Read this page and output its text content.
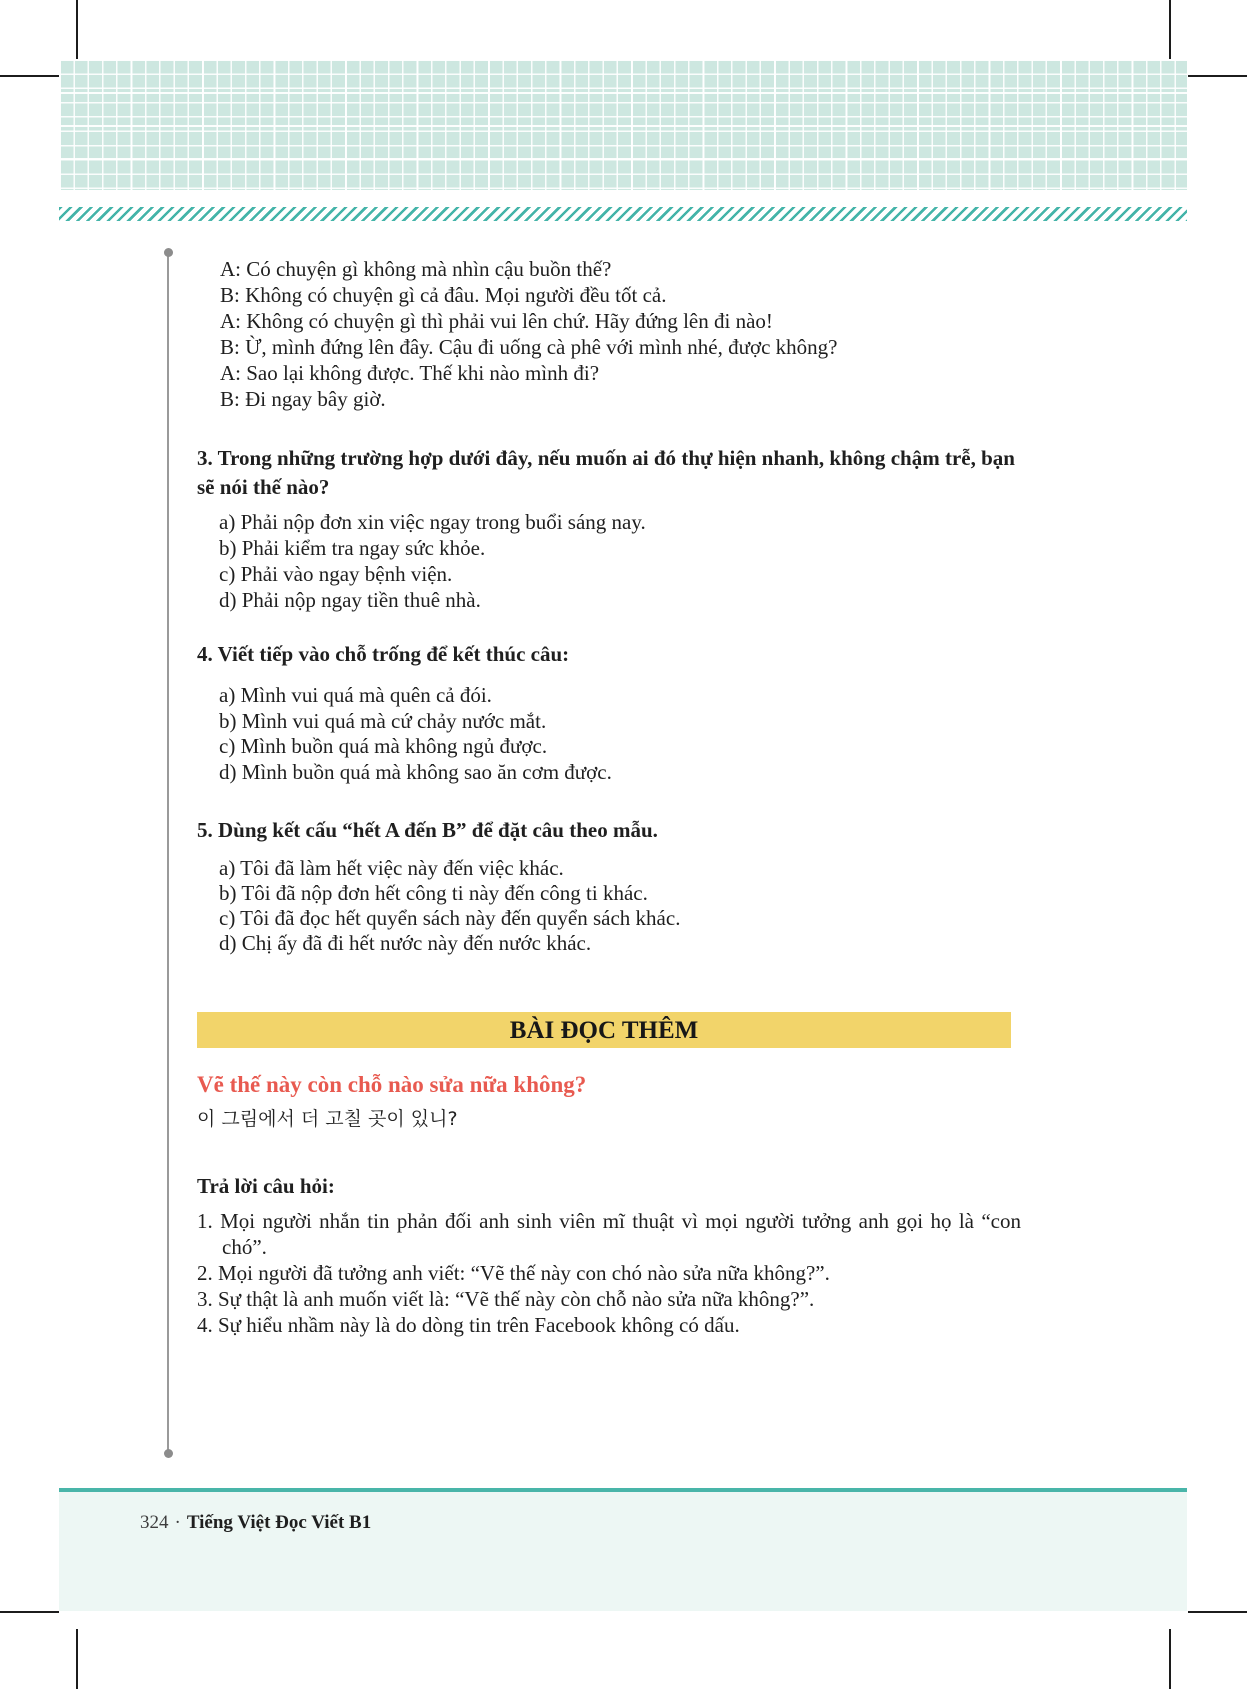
A: Có chuyện gì không mà nhìn cậu buồn thế?

B: Không có chuyện gì cả đâu. Mọi người đều tốt cả.

A: Không có chuyện gì thì phải vui lên chứ. Hãy đứng lên đi nào!

B: Ừ, mình đứng lên đây. Cậu đi uống cà phê với mình nhé, được không?

A: Sao lại không được. Thế khi nào mình đi?

B: Đi ngay bây giờ.

3. Trong những trường hợp dưới đây, nếu muốn ai đó thự hiện nhanh, không chậm trễ, bạn sẽ nói thế nào?

a) Phải nộp đơn xin việc ngay trong buổi sáng nay.

b) Phải kiểm tra ngay sức khỏe.

c) Phải vào ngay bệnh viện.

d) Phải nộp ngay tiền thuê nhà.

4. Viết tiếp vào chỗ trống để kết thúc câu:

a) Mình vui quá mà quên cả đói.

b) Mình vui quá mà cứ chảy nước mắt.

c) Mình buồn quá mà không ngủ được.

d) Mình buồn quá mà không sao ăn cơm được.

5. Dùng kết cấu “hết A đến B” để đặt câu theo mẫu.

a) Tôi đã làm hết việc này đến việc khác.

b) Tôi đã nộp đơn hết công ti này đến công ti khác.

c) Tôi đã đọc hết quyển sách này đến quyển sách khác.

d) Chị ấy đã đi hết nước này đến nước khác.

BÀI ĐỌC THÊM

Vẽ thế này còn chỗ nào sửa nữa không?

이 그림에서 더 고칠 곳이 있니?

Trả lời câu hỏi:

1. Mọi người nhắn tin phản đối anh sinh viên mĩ thuật vì mọi người tưởng anh gọi họ là “con chó”.

2. Mọi người đã tưởng anh viết: “Vẽ thế này con chó nào sửa nữa không?”.

3. Sự thật là anh muốn viết là: “Vẽ thế này còn chỗ nào sửa nữa không?”.

4. Sự hiểu nhầm này là do dòng tin trên Facebook không có dấu.

324 · Tiếng Việt Đọc Viết B1
